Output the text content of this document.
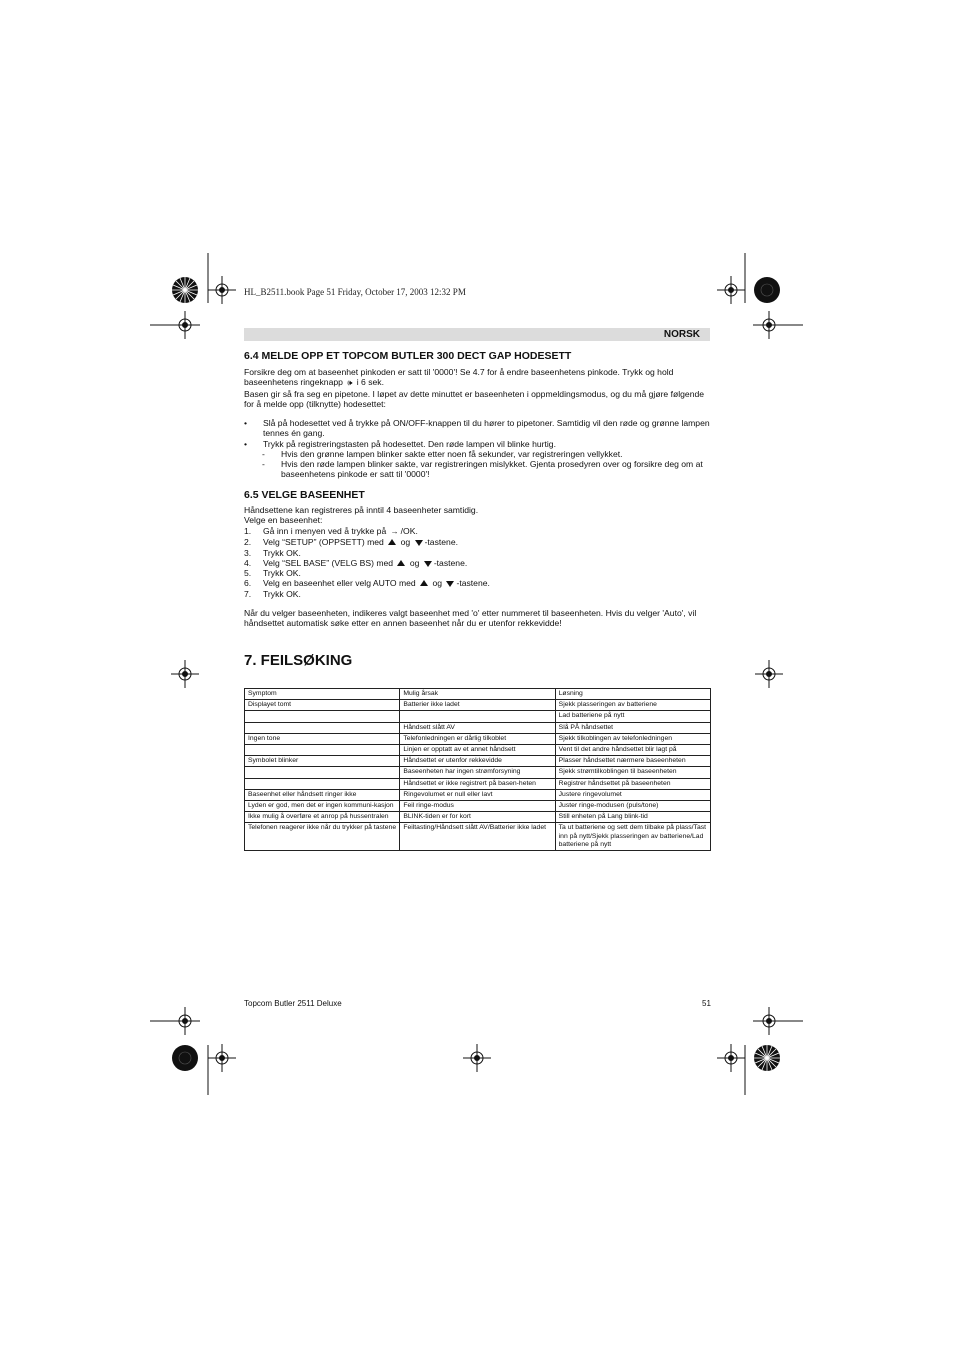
HL_B2511.book Page 51 Friday, October 17, 2003 12:32 PM
NORSK
6.4 MELDE OPP ET TOPCOM BUTLER 300 DECT GAP HODESETT

Forsikre deg om at baseenhet pinkoden er satt til '0000'! Se 4.7 for å endre baseenhetens pinkode. Trykk og hold

baseenhetens ringeknapp 🕪︎ i 6 sek.

Basen gir så fra seg en pipetone. I løpet av dette minuttet er baseenheten i oppmeldingsmodus, og du må gjøre følgende for å melde opp (tilknytte) hodesettet:

• Slå på hodesettet ved å trykke på ON/OFF-knappen til du hører to pipetoner. Samtidig vil den røde og grønne lampen tennes én gang.
• Trykk på registreringstasten på hodesettet. Den røde lampen vil blinke hurtig.
- Hvis den grønne lampen blinker sakte etter noen få sekunder, var registreringen vellykket.
- Hvis den røde lampen blinker sakte, var registreringen mislykket. Gjenta prosedyren over og forsikre deg om at baseenhetens pinkode er satt til '0000'!
6.5 VELGE BASEENHET

Håndsettene kan registreres på inntil 4 baseenheter samtidig.

Velge en baseenhet:

1. Gå inn i menyen ved å trykke på → /OK.
2. Velg “SETUP” (OPPSETT) med og -tastene.
3. Trykk OK.
4. Velg “SEL BASE” (VELG BS) med og -tastene.
5. Trykk OK.
6. Velg en baseenhet eller velg AUTO med og -tastene.
7. Trykk OK.
Når du velger baseenheten, indikeres valgt baseenhet med 'o' etter nummeret til baseenheten. Hvis du velger 'Auto', vil håndsettet automatisk søke etter en annen baseenhet når du er utenfor rekkevidde!
7. FEILSØKING
Symptom	Mulig årsak	Løsning
Displayet tomt	Batterier ikke ladet	Sjekk plasseringen av batteriene
		Lad batteriene på nytt
	Håndsett slått AV	Slå PÅ håndsettet
Ingen tone	Telefonledningen er dårlig tilkoblet	Sjekk tilkoblingen av telefonledningen
	Linjen er opptatt av et annet håndsett	Vent til det andre håndsettet blir lagt på
Symbolet blinker	Håndsettet er utenfor rekkevidde	Plasser håndsettet nærmere baseenheten
	Baseenheten har ingen strømforsyning	Sjekk strømtilkoblingen til baseenheten
	Håndsettet er ikke registrert på basen-heten	Registrer håndsettet på baseenheten
Baseenhet eller håndsett ringer ikke	Ringevolumet er null eller lavt	Justere ringevolumet
Lyden er god, men det er ingen kommuni-kasjon	Feil ringe-modus	Juster ringe-modusen (puls/tone)
Ikke mulig å overføre et anrop på hussentralen	BLINK-tiden er for kort	Still enheten på Lang blink-tid
Telefonen reagerer ikke når du trykker på tastene	Feiltasting/Håndsett slått AV/Batterier ikke ladet	Ta ut batteriene og sett dem tilbake på plass/Tast inn på nytt/Sjekk plasseringen av batteriene/Lad batteriene på nytt
Topcom Butler 2511 Deluxe	51
